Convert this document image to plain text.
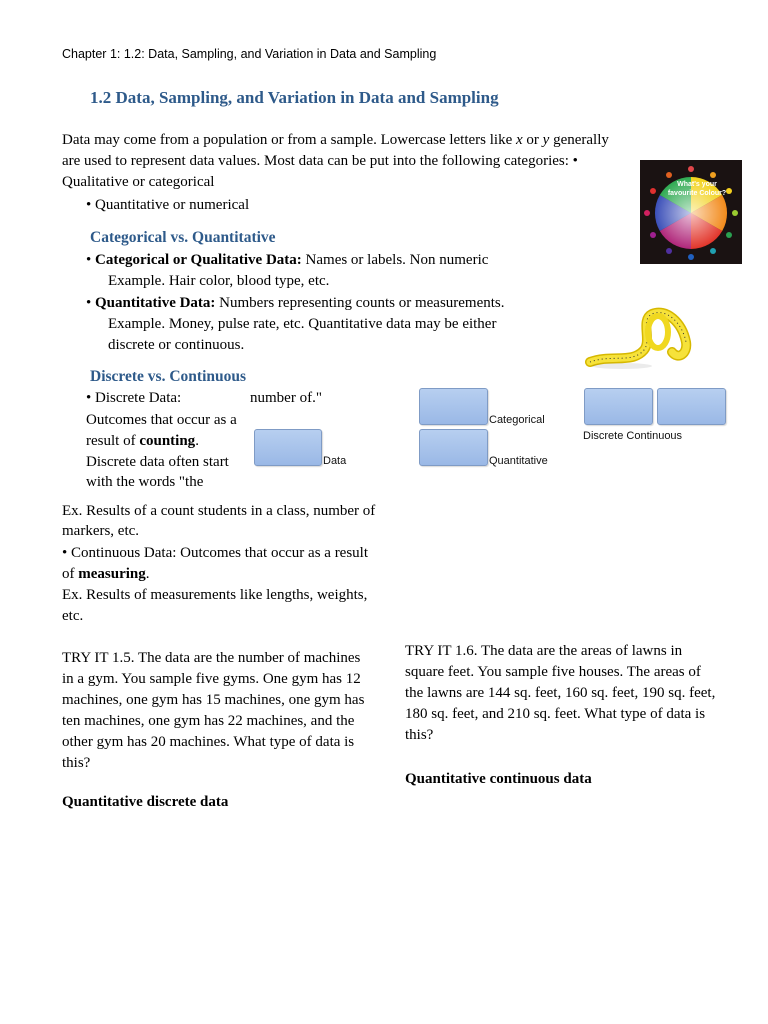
Chapter 1: 1.2: Data, Sampling, and Variation in Data and Sampling
1.2 Data, Sampling, and Variation in Data and Sampling
Data may come from a population or from a sample. Lowercase letters like x or y generally
are used to represent data values. Most data can be put into the following categories: •
Qualitative or categorical
• Quantitative or numerical
What's your
favourite Colour?
Categorical vs. Quantitative
• Categorical or Qualitative Data: Names or labels. Non numeric
Example. Hair color, blood type, etc.
• Quantitative Data: Numbers representing counts or measurements.
Example. Money, pulse rate, etc. Quantitative data may be either
discrete or continuous.
Discrete vs. Continuous
• Discrete Data:	number of."
Outcomes that occur as a
result of counting.
Discrete data often start
with the words "the
Data
Categorical
Quantitative
Discrete Continuous
Ex. Results of a count students in a class, number of
markers, etc.
• Continuous Data: Outcomes that occur as a result
of measuring.
Ex. Results of measurements like lengths, weights,
etc.
TRY IT 1.5. The data are the number of machines
in a gym. You sample five gyms. One gym has 12
machines, one gym has 15 machines, one gym has
ten machines, one gym has 22 machines, and the
other gym has 20 machines. What type of data is
this?
Quantitative discrete data
TRY IT 1.6. The data are the areas of lawns in
square feet. You sample five houses. The areas of
the lawns are 144 sq. feet, 160 sq. feet, 190 sq. feet,
180 sq. feet, and 210 sq. feet. What type of data is
this?
Quantitative continuous data
